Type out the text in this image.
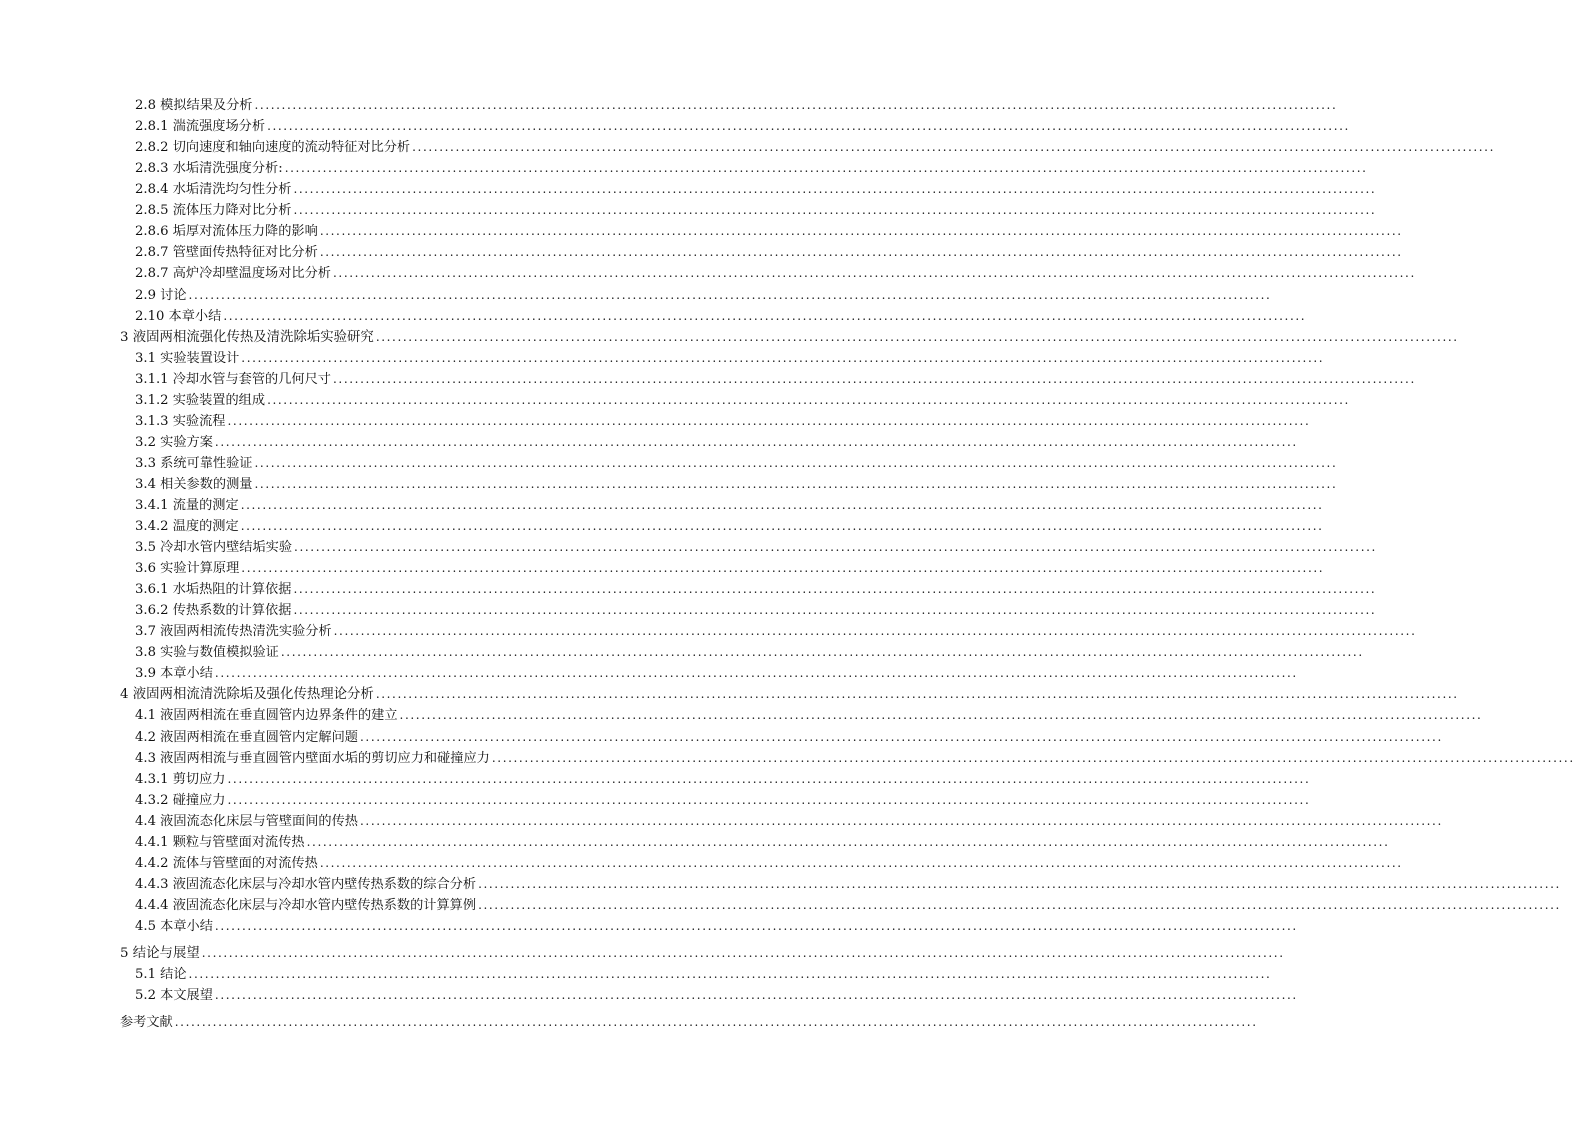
2.8 模拟结果及分析 ........................................................................................................................................................................................................
2.8.1 湍流强度场分析 ........................................................................................................................................................................................................
2.8.2 切向速度和轴向速度的流动特征对比分析 ........................................................................................................................................................................................................
2.8.3 水垢清洗强度分析: ........................................................................................................................................................................................................
2.8.4 水垢清洗均匀性分析 ........................................................................................................................................................................................................
2.8.5 流体压力降对比分析 ........................................................................................................................................................................................................
2.8.6 垢厚对流体压力降的影响 ........................................................................................................................................................................................................
2.8.7 管壁面传热特征对比分析 ........................................................................................................................................................................................................
2.8.7 高炉冷却壁温度场对比分析 ........................................................................................................................................................................................................
2.9 讨论 ........................................................................................................................................................................................................
2.10 本章小结 ........................................................................................................................................................................................................
3 液固两相流强化传热及清洗除垢实验研究 ........................................................................................................................................................................................................
3.1 实验装置设计 ........................................................................................................................................................................................................
3.1.1 冷却水管与套管的几何尺寸 ........................................................................................................................................................................................................
3.1.2 实验装置的组成 ........................................................................................................................................................................................................
3.1.3 实验流程 ........................................................................................................................................................................................................
3.2 实验方案 ........................................................................................................................................................................................................
3.3 系统可靠性验证 ........................................................................................................................................................................................................
3.4 相关参数的测量 ........................................................................................................................................................................................................
3.4.1 流量的测定 ........................................................................................................................................................................................................
3.4.2 温度的测定 ........................................................................................................................................................................................................
3.5 冷却水管内壁结垢实验 ........................................................................................................................................................................................................
3.6 实验计算原理 ........................................................................................................................................................................................................
3.6.1 水垢热阻的计算依据 ........................................................................................................................................................................................................
3.6.2 传热系数的计算依据 ........................................................................................................................................................................................................
3.7 液固两相流传热清洗实验分析 ........................................................................................................................................................................................................
3.8 实验与数值模拟验证 ........................................................................................................................................................................................................
3.9 本章小结 ........................................................................................................................................................................................................
4 液固两相流清洗除垢及强化传热理论分析 ........................................................................................................................................................................................................
4.1 液固两相流在垂直圆管内边界条件的建立 ........................................................................................................................................................................................................
4.2 液固两相流在垂直圆管内定解问题 ........................................................................................................................................................................................................
4.3 液固两相流与垂直圆管内壁面水垢的剪切应力和碰撞应力 ........................................................................................................................................................................................................
4.3.1 剪切应力 ........................................................................................................................................................................................................
4.3.2 碰撞应力 ........................................................................................................................................................................................................
4.4 液固流态化床层与管壁面间的传热 ........................................................................................................................................................................................................
4.4.1 颗粒与管壁面对流传热 ........................................................................................................................................................................................................
4.4.2 流体与管壁面的对流传热 ........................................................................................................................................................................................................
4.4.3 液固流态化床层与冷却水管内壁传热系数的综合分析 ........................................................................................................................................................................................................
4.4.4 液固流态化床层与冷却水管内壁传热系数的计算算例 ........................................................................................................................................................................................................
4.5 本章小结 ........................................................................................................................................................................................................
5 结论与展望 ........................................................................................................................................................................................................
5.1 结论 ........................................................................................................................................................................................................
5.2 本文展望 ........................................................................................................................................................................................................
参考文献 ........................................................................................................................................................................................................
